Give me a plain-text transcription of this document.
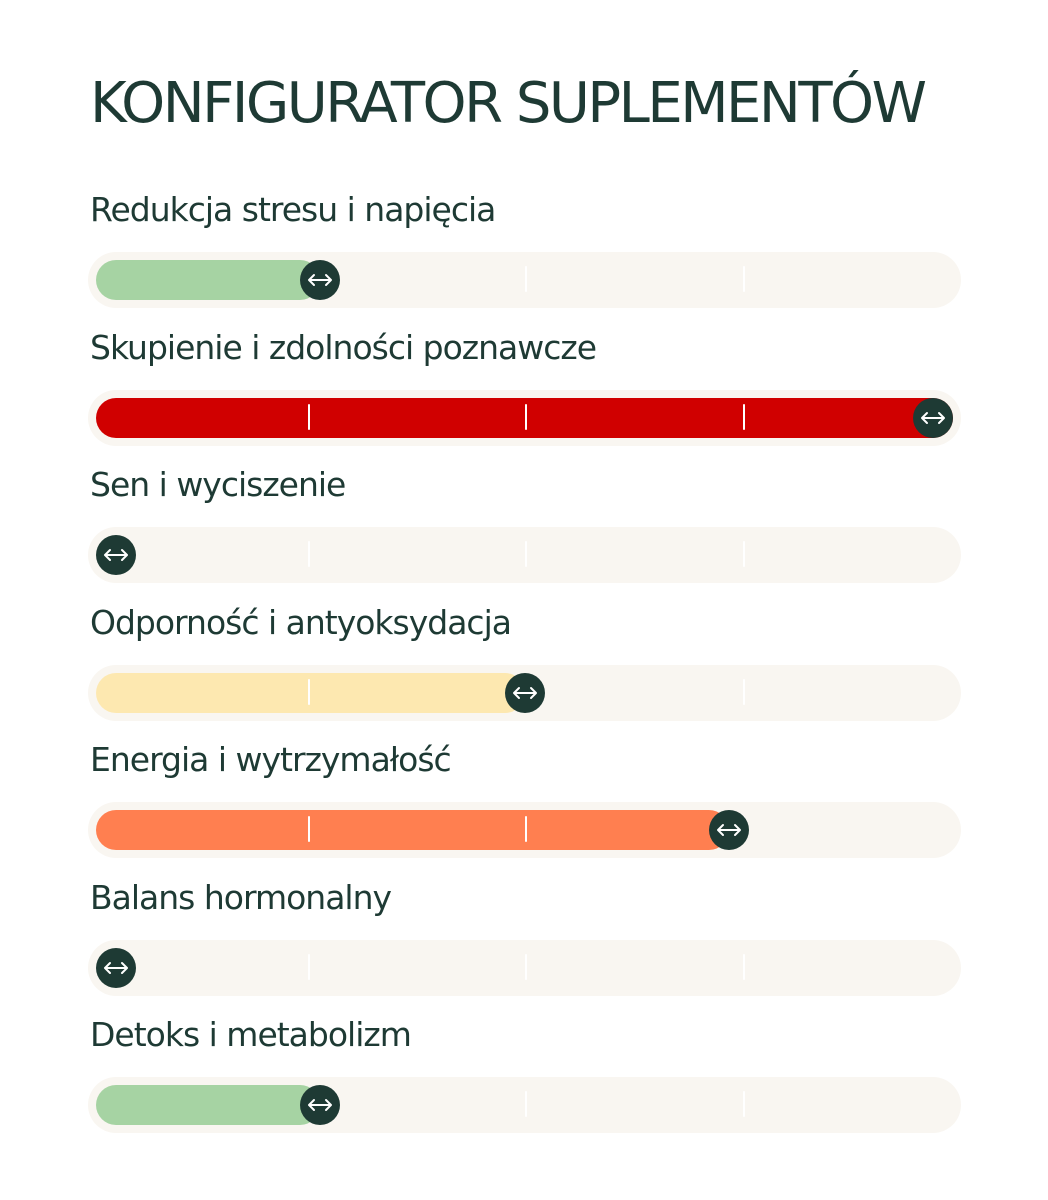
KONFIGURATOR SUPLEMENTÓW
Redukcja stresu i napięcia
Skupienie i zdolności poznawcze
Sen i wyciszenie
Odporność i antyoksydacja
Energia i wytrzymałość
Balans hormonalny
Detoks i metabolizm
